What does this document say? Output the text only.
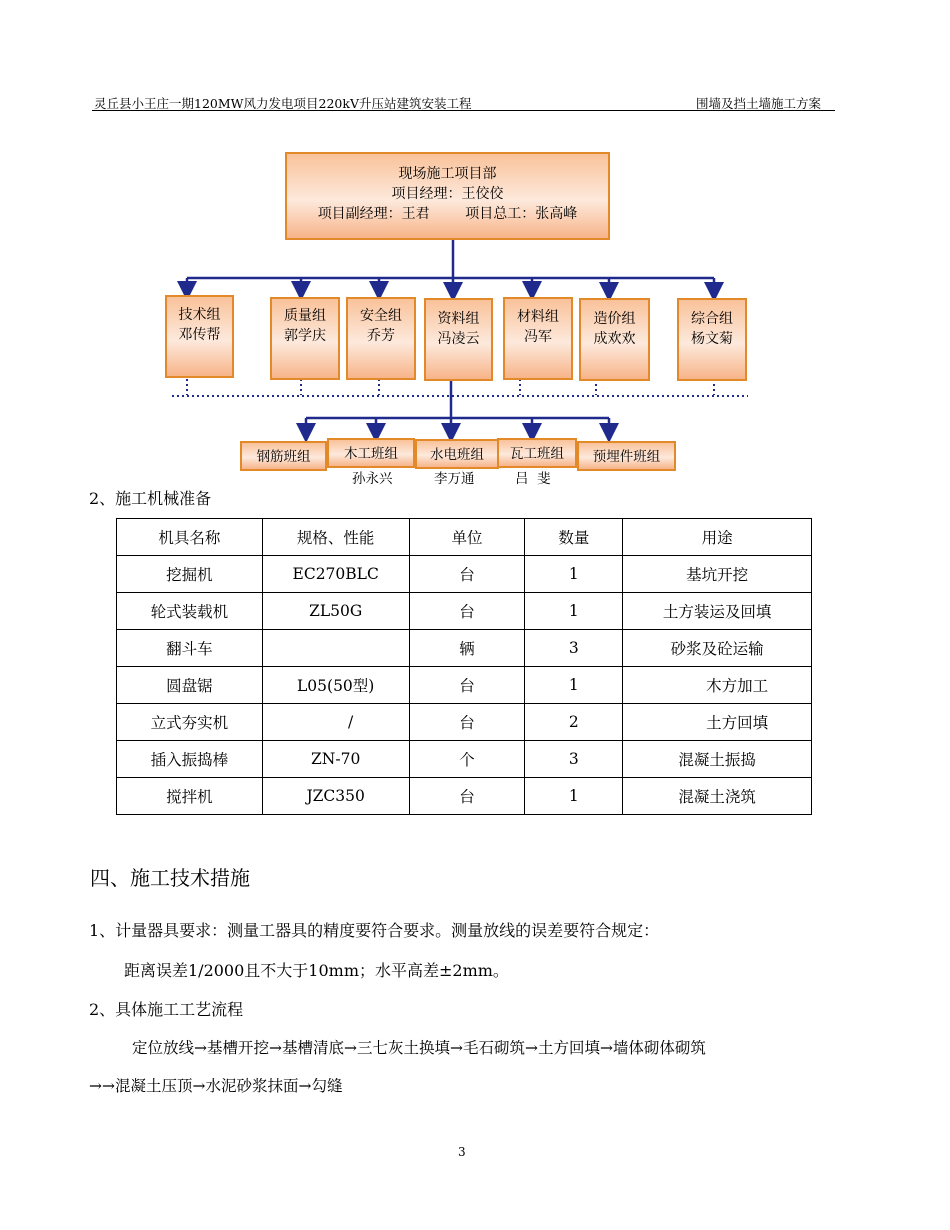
灵丘县小王庄一期120MW风力发电项目220kV升压站建筑安装工程	围墙及挡土墙施工方案
现场施工项目部
项目经理：王佼佼
项目副经理：王君        项目总工：张高峰
技术组
邓传帮
质量组
郭学庆
安全组
乔芳
资料组
冯凌云
材料组
冯军
造价组
成欢欢
综合组
杨文菊
钢筋班组	预埋件班组
木工班组	水电班组	瓦工班组
孙永兴	李万通	吕  斐
2、施工机械准备
机具名称	规格、性能	单位	数量	用途
挖掘机	EC270BLC	台	1	基坑开挖
轮式装载机	ZL50G	台	1	土方装运及回填
翻斗车		辆	3	砂浆及砼运输
圆盘锯	L05(50型)	台	1	木方加工
立式夯实机	/	台	2	土方回填
插入振捣棒	ZN-70	个	3	混凝土振捣
搅拌机	JZC350	台	1	混凝土浇筑
四、施工技术措施
1、计量器具要求：测量工器具的精度要符合要求。测量放线的误差要符合规定：
距离误差1/2000且不大于10mm；水平高差±2mm。
2、具体施工工艺流程
定位放线→基槽开挖→基槽清底→三七灰土换填→毛石砌筑→土方回填→墙体砌体砌筑
→→混凝土压顶→水泥砂浆抹面→勾缝
3
